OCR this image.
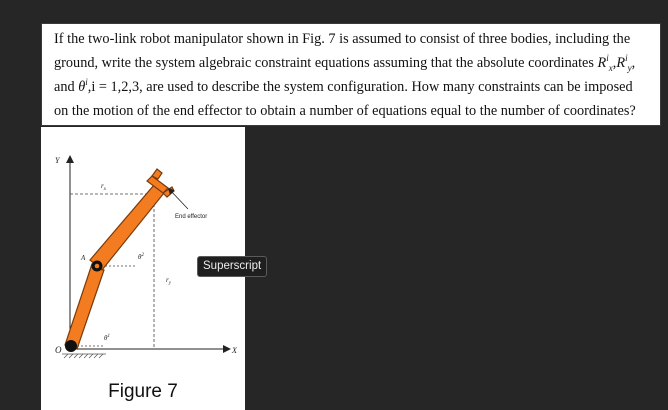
If the two-link robot manipulator shown in Fig. 7 is assumed to consist of three bodies, including the
ground, write the system algebraic constraint equations assuming that the absolute coordinates $R^i_x,R^i_y$,
and $\theta^i,i = 1,2,3$, are used to describe the system configuration. How many constraints can be imposed
on the motion of the end effector to obtain a number of equations equal to the number of coordinates?
Y
X
O
A
$r_x$
$r_y$
$\theta^1$
$\theta^2$
End effector
Figure 7
Superscript
